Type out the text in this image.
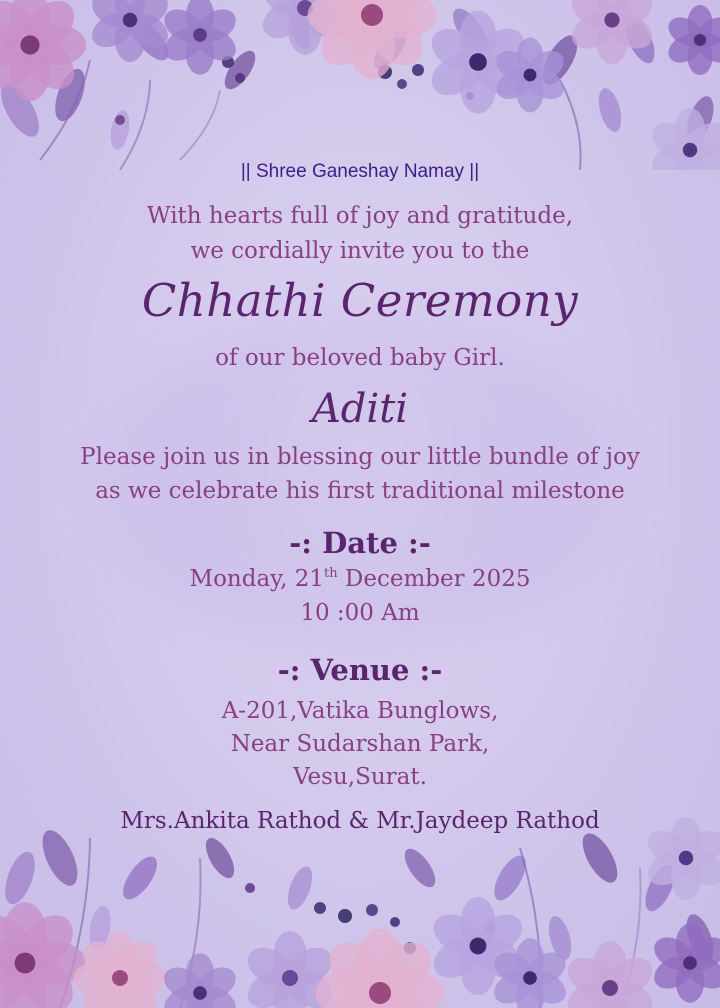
|| Shree Ganeshay Namay ||
With hearts full of joy and gratitude,
we cordially invite you to the
Chhathi Ceremony
of our beloved baby Girl.
Aditi
Please join us in blessing our little bundle of joy
as we celebrate his first traditional milestone
-: Date :-
Monday, 21th December 2025
10 :00 Am
-: Venue :-
A-201,Vatika Bunglows,
Near Sudarshan Park,
Vesu,Surat.
Mrs.Ankita Rathod & Mr.Jaydeep Rathod
